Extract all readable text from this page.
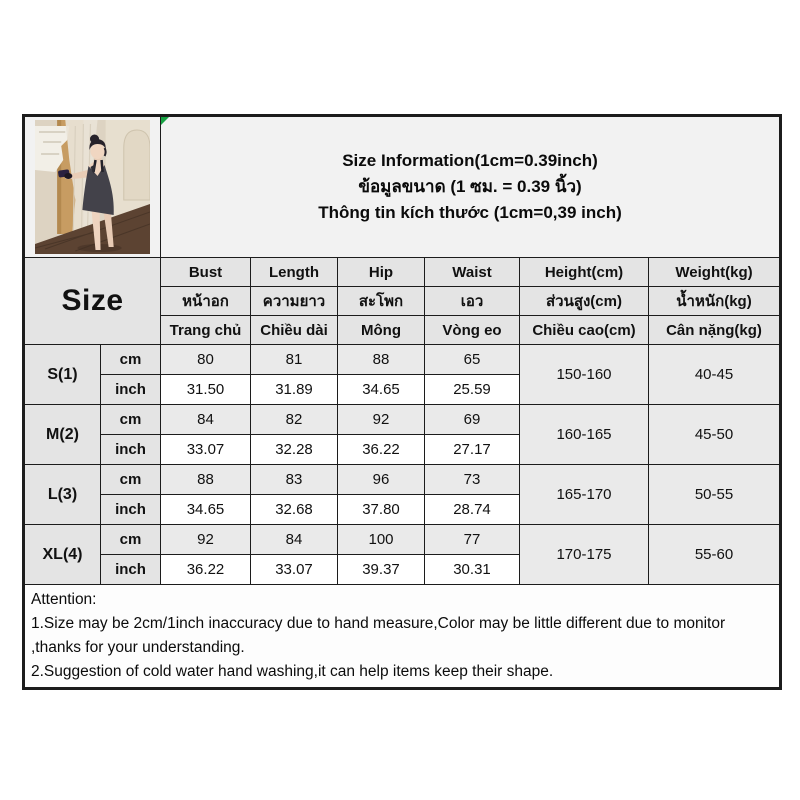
Size Information(1cm=0.39inch)
ข้อมูลขนาด (1 ซม. = 0.39 นิ้ว)
Thông tin kích thước (1cm=0,39 inch)					

Size		Bust	Length	Hip	Waist	Height(cm)	Weight(kg)
		หน้าอก	ความยาว	สะโพก	เอว	ส่วนสูง(cm)	น้ำหนัก(kg)
		Trang chủ	Chiều dài	Mông	Vòng eo	Chiều cao(cm)	Cân nặng(kg)
S(1)	cm	80	81	88	65	150-160	40-45
	inch	31.50	31.89	34.65	25.59		
M(2)	cm	84	82	92	69	160-165	45-50
	inch	33.07	32.28	36.22	27.17		
L(3)	cm	88	83	96	73	165-170	50-55
	inch	34.65	32.68	37.80	28.74		
XL(4)	cm	92	84	100	77	170-175	55-60
	inch	36.22	33.07	39.37	30.31		

Attention:
1.Size may be 2cm/1inch inaccuracy due to hand measure,Color may be little different due to monitor ,thanks for your understanding.
2.Suggestion of cold water hand washing,it can help items keep their shape.							
